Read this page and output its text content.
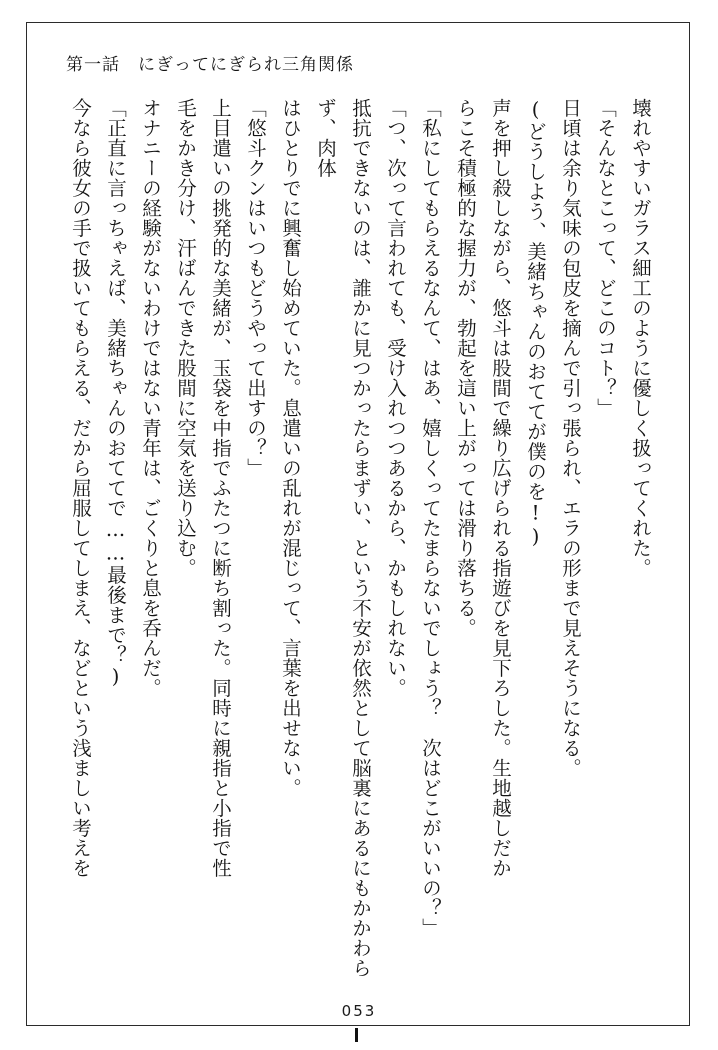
第一話　にぎってにぎられ三角関係

壊れやすいガラス細工のように優しく扱ってくれた。

「そんなとこって、どこのコト？」

日頃は余り気味の包皮を摘んで引っ張られ、エラの形まで見えそうになる。

(どうしよう、美緒ちゃんのおててが僕のを!)

声を押し殺しながら、悠斗は股間で繰り広げられる指遊びを見下ろした。生地越しだか

らこそ積極的な握力が、勃起を這い上がっては滑り落ちる。

「私にしてもらえるなんて、はあ、嬉しくってたまらないでしょう？　次はどこがいいの？」

「つ、次って言われても、受け入れつつあるから、かもしれない。

抵抗できないのは、誰かに見つかったらまずい、という不安が依然として脳裏にあるにもかかわらず、肉体

はひとりでに興奮し始めていた。息遣いの乱れが混じって、言葉を出せない。

「悠斗クンはいつもどうやって出すの？」

上目遣いの挑発的な美緒が、玉袋を中指でふたつに断ち割った。同時に親指と小指で性

毛をかき分け、汗ばんできた股間に空気を送り込む。

オナニーの経験がないわけではない青年は、ごくりと息を呑んだ。

「正直に言っちゃえば、美緒ちゃんのおててで……最後まで？)

今なら彼女の手で扱いてもらえる、だから屈服してしまえ、などという浅ましい考えを

053
